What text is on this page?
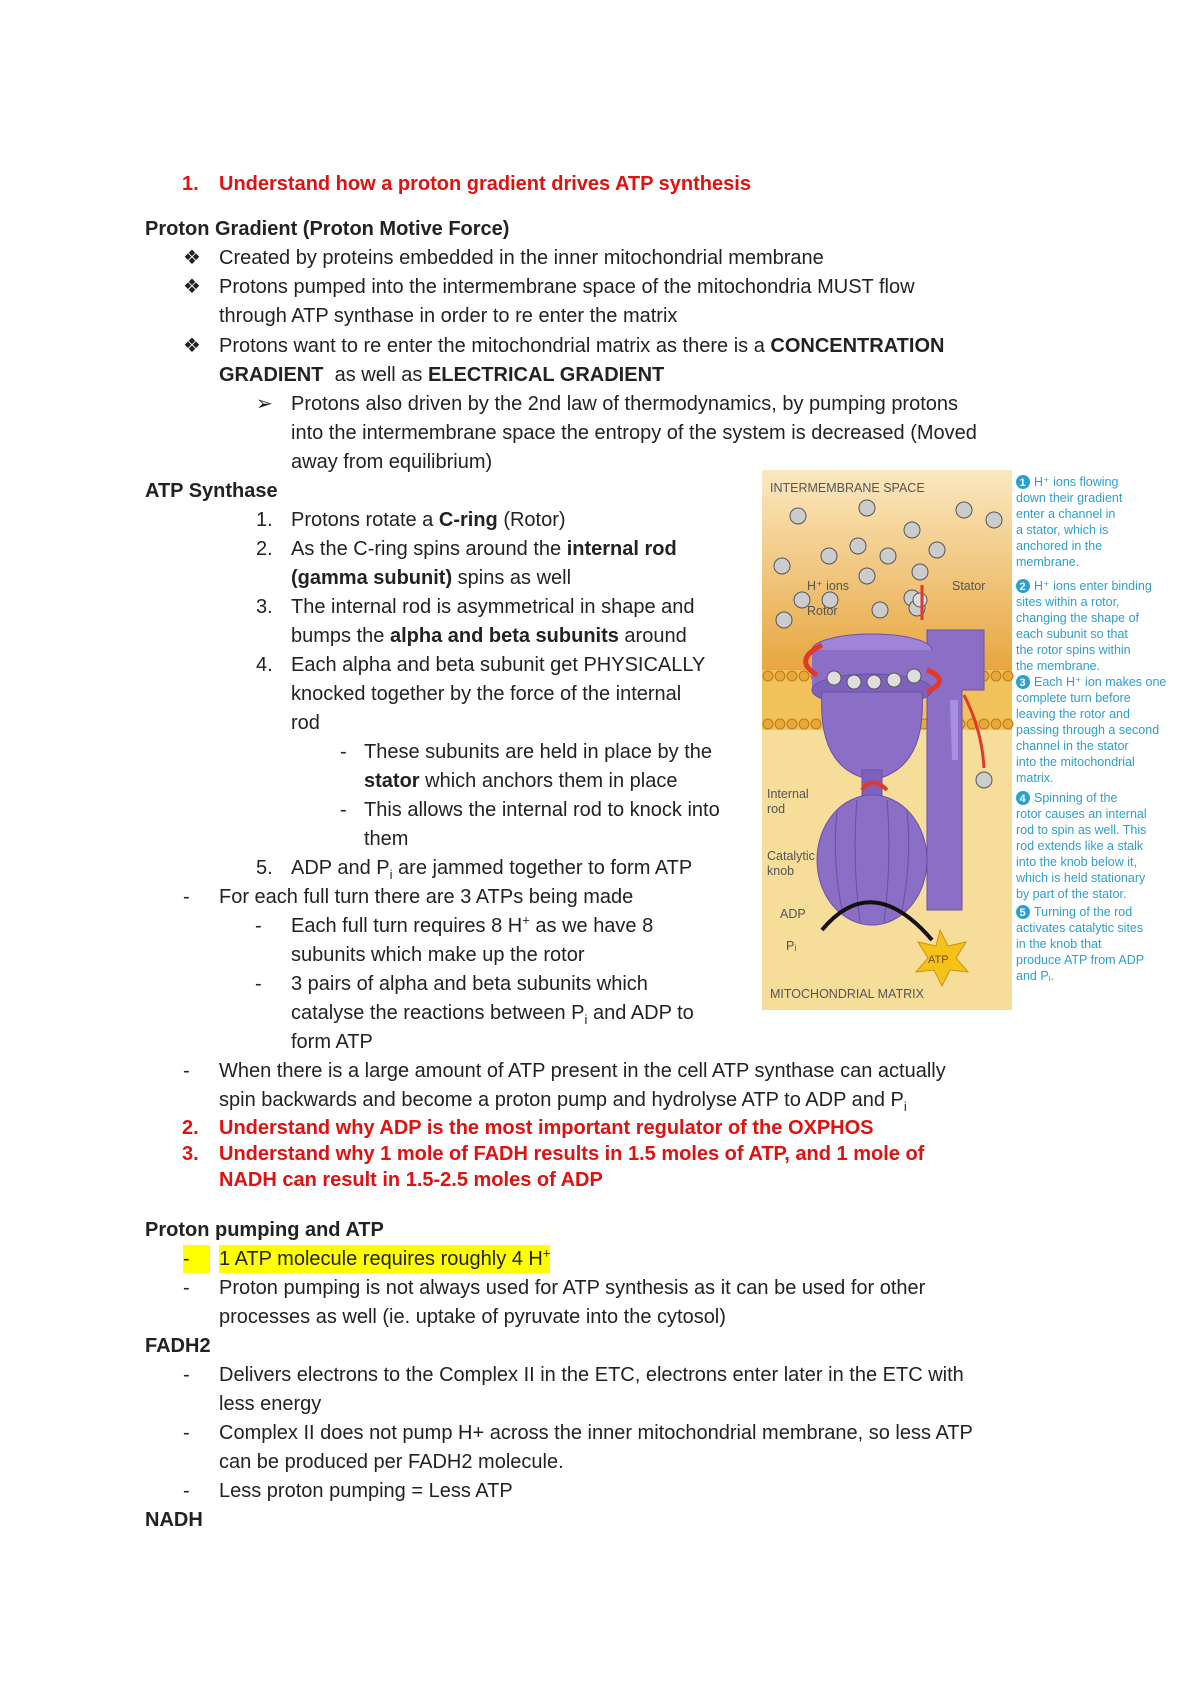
1. Understand how a proton gradient drives ATP synthesis
Proton Gradient (Proton Motive Force)
❖ Created by proteins embedded in the inner mitochondrial membrane
❖ Protons pumped into the intermembrane space of the mitochondria MUST flow
through ATP synthase in order to re enter the matrix
❖ Protons want to re enter the mitochondrial matrix as there is a CONCENTRATION
GRADIENT  as well as ELECTRICAL GRADIENT
➢ Protons also driven by the 2nd law of thermodynamics, by pumping protons
into the intermembrane space the entropy of the system is decreased (Moved
away from equilibrium)
ATP Synthase
1. Protons rotate a C-ring (Rotor)
2. As the C-ring spins around the internal rod
(gamma subunit) spins as well
3. The internal rod is asymmetrical in shape and
bumps the alpha and beta subunits around
4. Each alpha and beta subunit get PHYSICALLY
knocked together by the force of the internal
rod
- These subunits are held in place by the
stator which anchors them in place
- This allows the internal rod to knock into
them
5. ADP and $P_i$ are jammed together to form ATP
- For each full turn there are 3 ATPs being made
- Each full turn requires 8 H+ as we have 8
subunits which make up the rotor
- 3 pairs of alpha and beta subunits which
catalyse the reactions between $P_i$ and ADP to
form ATP
- When there is a large amount of ATP present in the cell ATP synthase can actually
spin backwards and become a proton pump and hydrolyse ATP to ADP and $P_i$
2. Understand why ADP is the most important regulator of the OXPHOS
3. Understand why 1 mole of FADH results in 1.5 moles of ATP, and 1 mole of
NADH can result in 1.5-2.5 moles of ADP
Proton pumping and ATP
-	1 ATP molecule requires roughly 4 H+
- Proton pumping is not always used for ATP synthesis as it can be used for other
processes as well (ie. uptake of pyruvate into the cytosol)
FADH2
- Delivers electrons to the Complex II in the ETC, electrons enter later in the ETC with
less energy
- Complex II does not pump H+ across the inner mitochondrial membrane, so less ATP
can be produced per FADH2 molecule.
- Less proton pumping = Less ATP
NADH
INTERMEMBRANE SPACE
MITOCHONDRIAL MATRIX
ATP
H⁺ ions
Rotor
Stator
Internal
rod
Catalytic
knob
ADP
Pᵢ
1 H⁺ ions flowing
down their gradient
enter a channel in
a stator, which is
anchored in the
membrane.
2 H⁺ ions enter binding
sites within a rotor,
changing the shape of
each subunit so that
the rotor spins within
the membrane.
3 Each H⁺ ion makes one
complete turn before
leaving the rotor and
passing through a second
channel in the stator
into the mitochondrial
matrix.
4 Spinning of the
rotor causes an internal
rod to spin as well. This
rod extends like a stalk
into the knob below it,
which is held stationary
by part of the stator.
5 Turning of the rod
activates catalytic sites
in the knob that
produce ATP from ADP
and Pᵢ.
